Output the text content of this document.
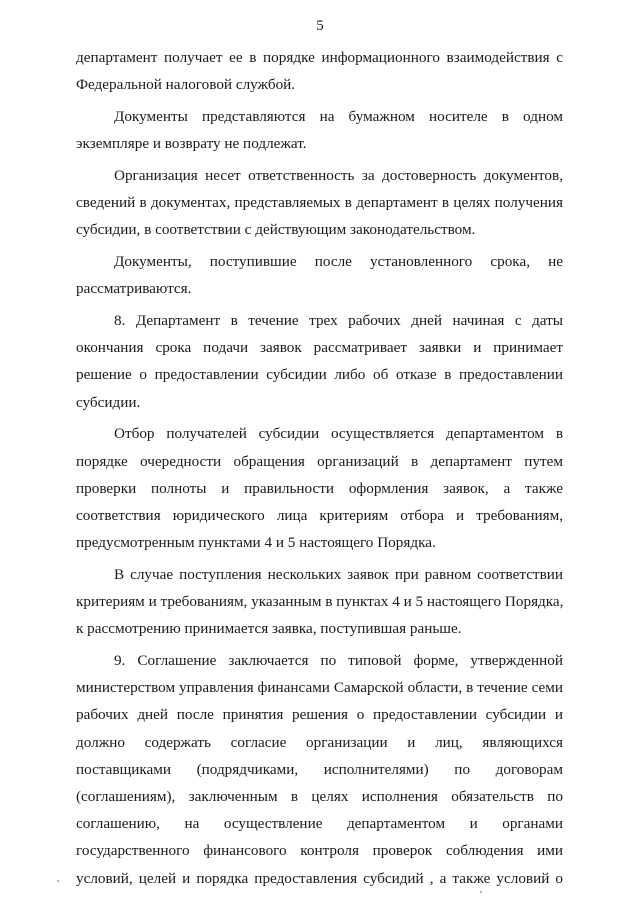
5
департамент получает ее в порядке информационного взаимодействия с
Федеральной налоговой службой.
Документы представляются на бумажном носителе в одном
экземпляре и возврату не подлежат.
Организация несет ответственность за достоверность документов,
сведений в документах, представляемых в департамент в целях получения
субсидии, в соответствии с действующим законодательством.
Документы, поступившие после установленного срока, не
рассматриваются.
8. Департамент в течение трех рабочих дней начиная с даты
окончания срока подачи заявок рассматривает заявки и принимает
решение о предоставлении субсидии либо об отказе в предоставлении
субсидии.
Отбор получателей субсидии осуществляется департаментом в
порядке очередности обращения организаций в департамент путем
проверки полноты и правильности оформления заявок, а также
соответствия юридического лица критериям отбора и требованиям,
предусмотренным пунктами 4 и 5 настоящего Порядка.
В случае поступления нескольких заявок при равном соответствии
критериям и требованиям, указанным в пунктах 4 и 5 настоящего Порядка,
к рассмотрению принимается заявка, поступившая раньше.
9. Соглашение заключается по типовой форме, утвержденной
министерством управления финансами Самарской области, в течение семи
рабочих дней после принятия решения о предоставлении субсидии и
должно содержать согласие организации и лиц, являющихся
поставщиками (подрядчиками, исполнителями) по договорам
(соглашениям), заключенным в целях исполнения обязательств по
соглашению, на осуществление департаментом и органами
государственного финансового контроля проверок соблюдения ими
условий, целей и порядка предоставления субсидий , а также условий о
